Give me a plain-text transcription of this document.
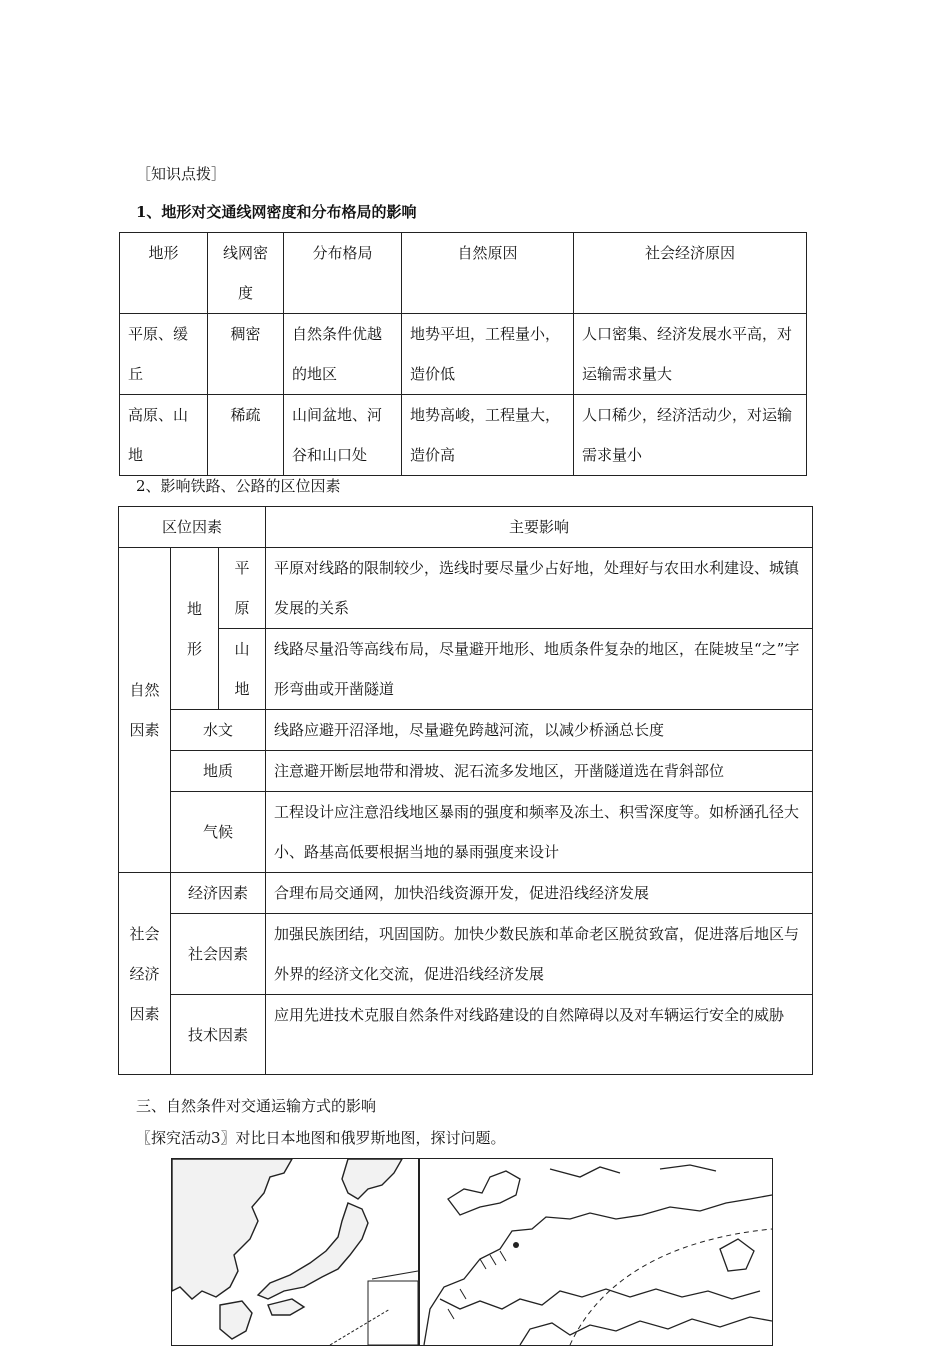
［知识点拨］
1、地形对交通线网密度和分布格局的影响
地形	线网密度	分布格局	自然原因	社会经济原因
平原、缓丘	稠密	自然条件优越的地区	地势平坦，工程量小，造价低	人口密集、经济发展水平高，对运输需求量大
高原、山地	稀疏	山间盆地、河谷和山口处	地势高峻，工程量大，造价高	人口稀少，经济活动少，对运输需求量小
2、影响铁路、公路的区位因素
区位因素			主要影响
自然因素	地形	平原	平原对线路的限制较少，选线时要尽量少占好地，处理好与农田水利建设、城镇发展的关系
		山地	线路尽量沿等高线布局，尽量避开地形、地质条件复杂的地区，在陡坡呈“之”字形弯曲或开凿隧道
	水文		线路应避开沼泽地，尽量避免跨越河流，以减少桥涵总长度
	地质		注意避开断层地带和滑坡、泥石流多发地区，开凿隧道选在背斜部位
	气候		工程设计应注意沿线地区暴雨的强度和频率及冻土、积雪深度等。如桥涵孔径大小、路基高低要根据当地的暴雨强度来设计
社会经济因素	经济因素		合理布局交通网，加快沿线资源开发，促进沿线经济发展
	社会因素		加强民族团结，巩固国防。加快少数民族和革命老区脱贫致富，促进落后地区与外界的经济文化交流，促进沿线经济发展
	技术因素		应用先进技术克服自然条件对线路建设的自然障碍以及对车辆运行安全的威胁
三、自然条件对交通运输方式的影响
〖探究活动3〗对比日本地图和俄罗斯地图，探讨问题。
